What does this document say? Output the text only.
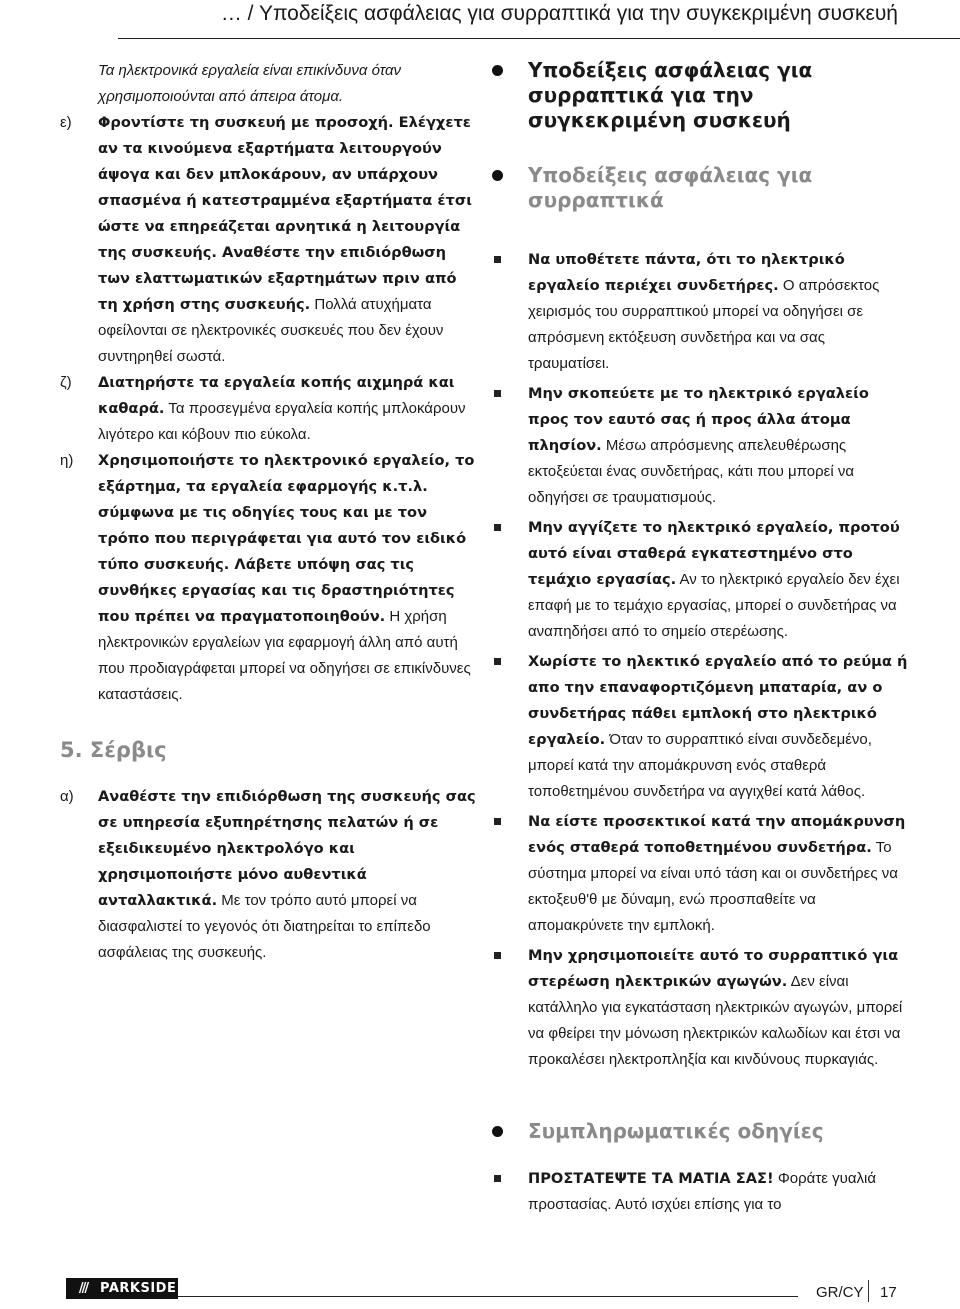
… / Υποδείξεις ασφάλειας για συρραπτικά για την συγκεκριμένη συσκευή
Τα ηλεκτρονικά εργαλεία είναι επικίνδυνα όταν χρησιμοποιούνται από άπειρα άτομα.
ε) Φροντίστε τη συσκευή με προσοχή. Ελέγχετε αν τα κινούμενα εξαρτήματα λειτουργούν άψογα και δεν μπλοκάρουν, αν υπάρχουν σπασμένα ή κατεστραμμένα εξαρτήματα έτσι ώστε να επηρεάζεται αρνητικά η λειτουργία της συσκευής. Αναθέστε την επιδιόρθωση των ελαττωματικών εξαρτημάτων πριν από τη χρήση στης συσκευής. Πολλά ατυχήματα οφείλονται σε ηλεκτρονικές συσκευές που δεν έχουν συντηρηθεί σωστά.
ζ) Διατηρήστε τα εργαλεία κοπής αιχμηρά και καθαρά. Τα προσεγμένα εργαλεία κοπής μπλοκάρουν λιγότερο και κόβουν πιο εύκολα.
η) Χρησιμοποιήστε το ηλεκτρονικό εργαλείο, το εξάρτημα, τα εργαλεία εφαρμογής κ.τ.λ. σύμφωνα με τις οδηγίες τους και με τον τρόπο που περιγράφεται για αυτό τον ειδικό τύπο συσκευής. Λάβετε υπόψη σας τις συνθήκες εργασίας και τις δραστηριότητες που πρέπει να πραγματοποιηθούν. Η χρήση ηλεκτρονικών εργαλείων για εφαρμογή άλλη από αυτή που προδιαγράφεται μπορεί να οδηγήσει σε επικίνδυνες καταστάσεις.
5. Σέρβις
α) Αναθέστε την επιδιόρθωση της συσκευής σας σε υπηρεσία εξυπηρέτησης πελατών ή σε εξειδικευμένο ηλεκτρολόγο και χρησιμοποιήστε μόνο αυθεντικά ανταλλακτικά. Με τον τρόπο αυτό μπορεί να διασφαλιστεί το γεγονός ότι διατηρείται το επίπεδο ασφάλειας της συσκευής.
Υποδείξεις ασφάλειας για συρραπτικά για την συγκεκριμένη συσκευή
Υποδείξεις ασφάλειας για συρραπτικά
Να υποθέτετε πάντα, ότι το ηλεκτρικό εργαλείο περιέχει συνδετήρες. Ο απρόσεκτος χειρισμός του συρραπτικού μπορεί να οδηγήσει σε απρόσμενη εκτόξευση συνδετήρα και να σας τραυματίσει.
Μην σκοπεύετε με το ηλεκτρικό εργαλείο προς τον εαυτό σας ή προς άλλα άτομα πλησίον. Μέσω απρόσμενης απελευθέρωσης εκτοξεύεται ένας συνδετήρας, κάτι που μπορεί να οδηγήσει σε τραυματισμούς.
Μην αγγίζετε το ηλεκτρικό εργαλείο, προτού αυτό είναι σταθερά εγκατεστημένο στο τεμάχιο εργασίας. Αν το ηλεκτρικό εργαλείο δεν έχει επαφή με το τεμάχιο εργασίας, μπορεί ο συνδετήρας να αναπηδήσει από το σημείο στερέωσης.
Χωρίστε το ηλεκτικό εργαλείο από το ρεύμα ή απο την επαναφορτιζόμενη μπαταρία, αν ο συνδετήρας πάθει εμπλοκή στο ηλεκτρικό εργαλείο. Όταν το συρραπτικό είναι συνδεδεμένο, μπορεί κατά την απομάκρυνση ενός σταθερά τοποθετημένου συνδετήρα να αγγιχθεί κατά λάθος.
Να είστε προσεκτικοί κατά την απομάκρυνση ενός σταθερά τοποθετημένου συνδετήρα. Το σύστημα μπορεί να είναι υπό τάση και οι συνδετήρες να εκτοξευθ'θ με δύναμη, ενώ προσπαθείτε να απομακρύνετε την εμπλοκή.
Μην χρησιμοποιείτε αυτό το συρραπτικό για στερέωση ηλεκτρικών αγωγών. Δεν είναι κατάλληλο για εγκατάσταση ηλεκτρικών αγωγών, μπορεί να φθείρει την μόνωση ηλεκτρικών καλωδίων και έτσι να προκαλέσει ηλεκτροπληξία και κινδύνους πυρκαγιάς.
Συμπληρωματικές οδηγίες
ΠΡΟΣΤΑΤΕΨΤΕ ΤΑ ΜΑΤΙΑ ΣΑΣ! Φοράτε γυαλιά προστασίας. Αυτό ισχύει επίσης για το
/// PARKSIDE	GR/CY 17
